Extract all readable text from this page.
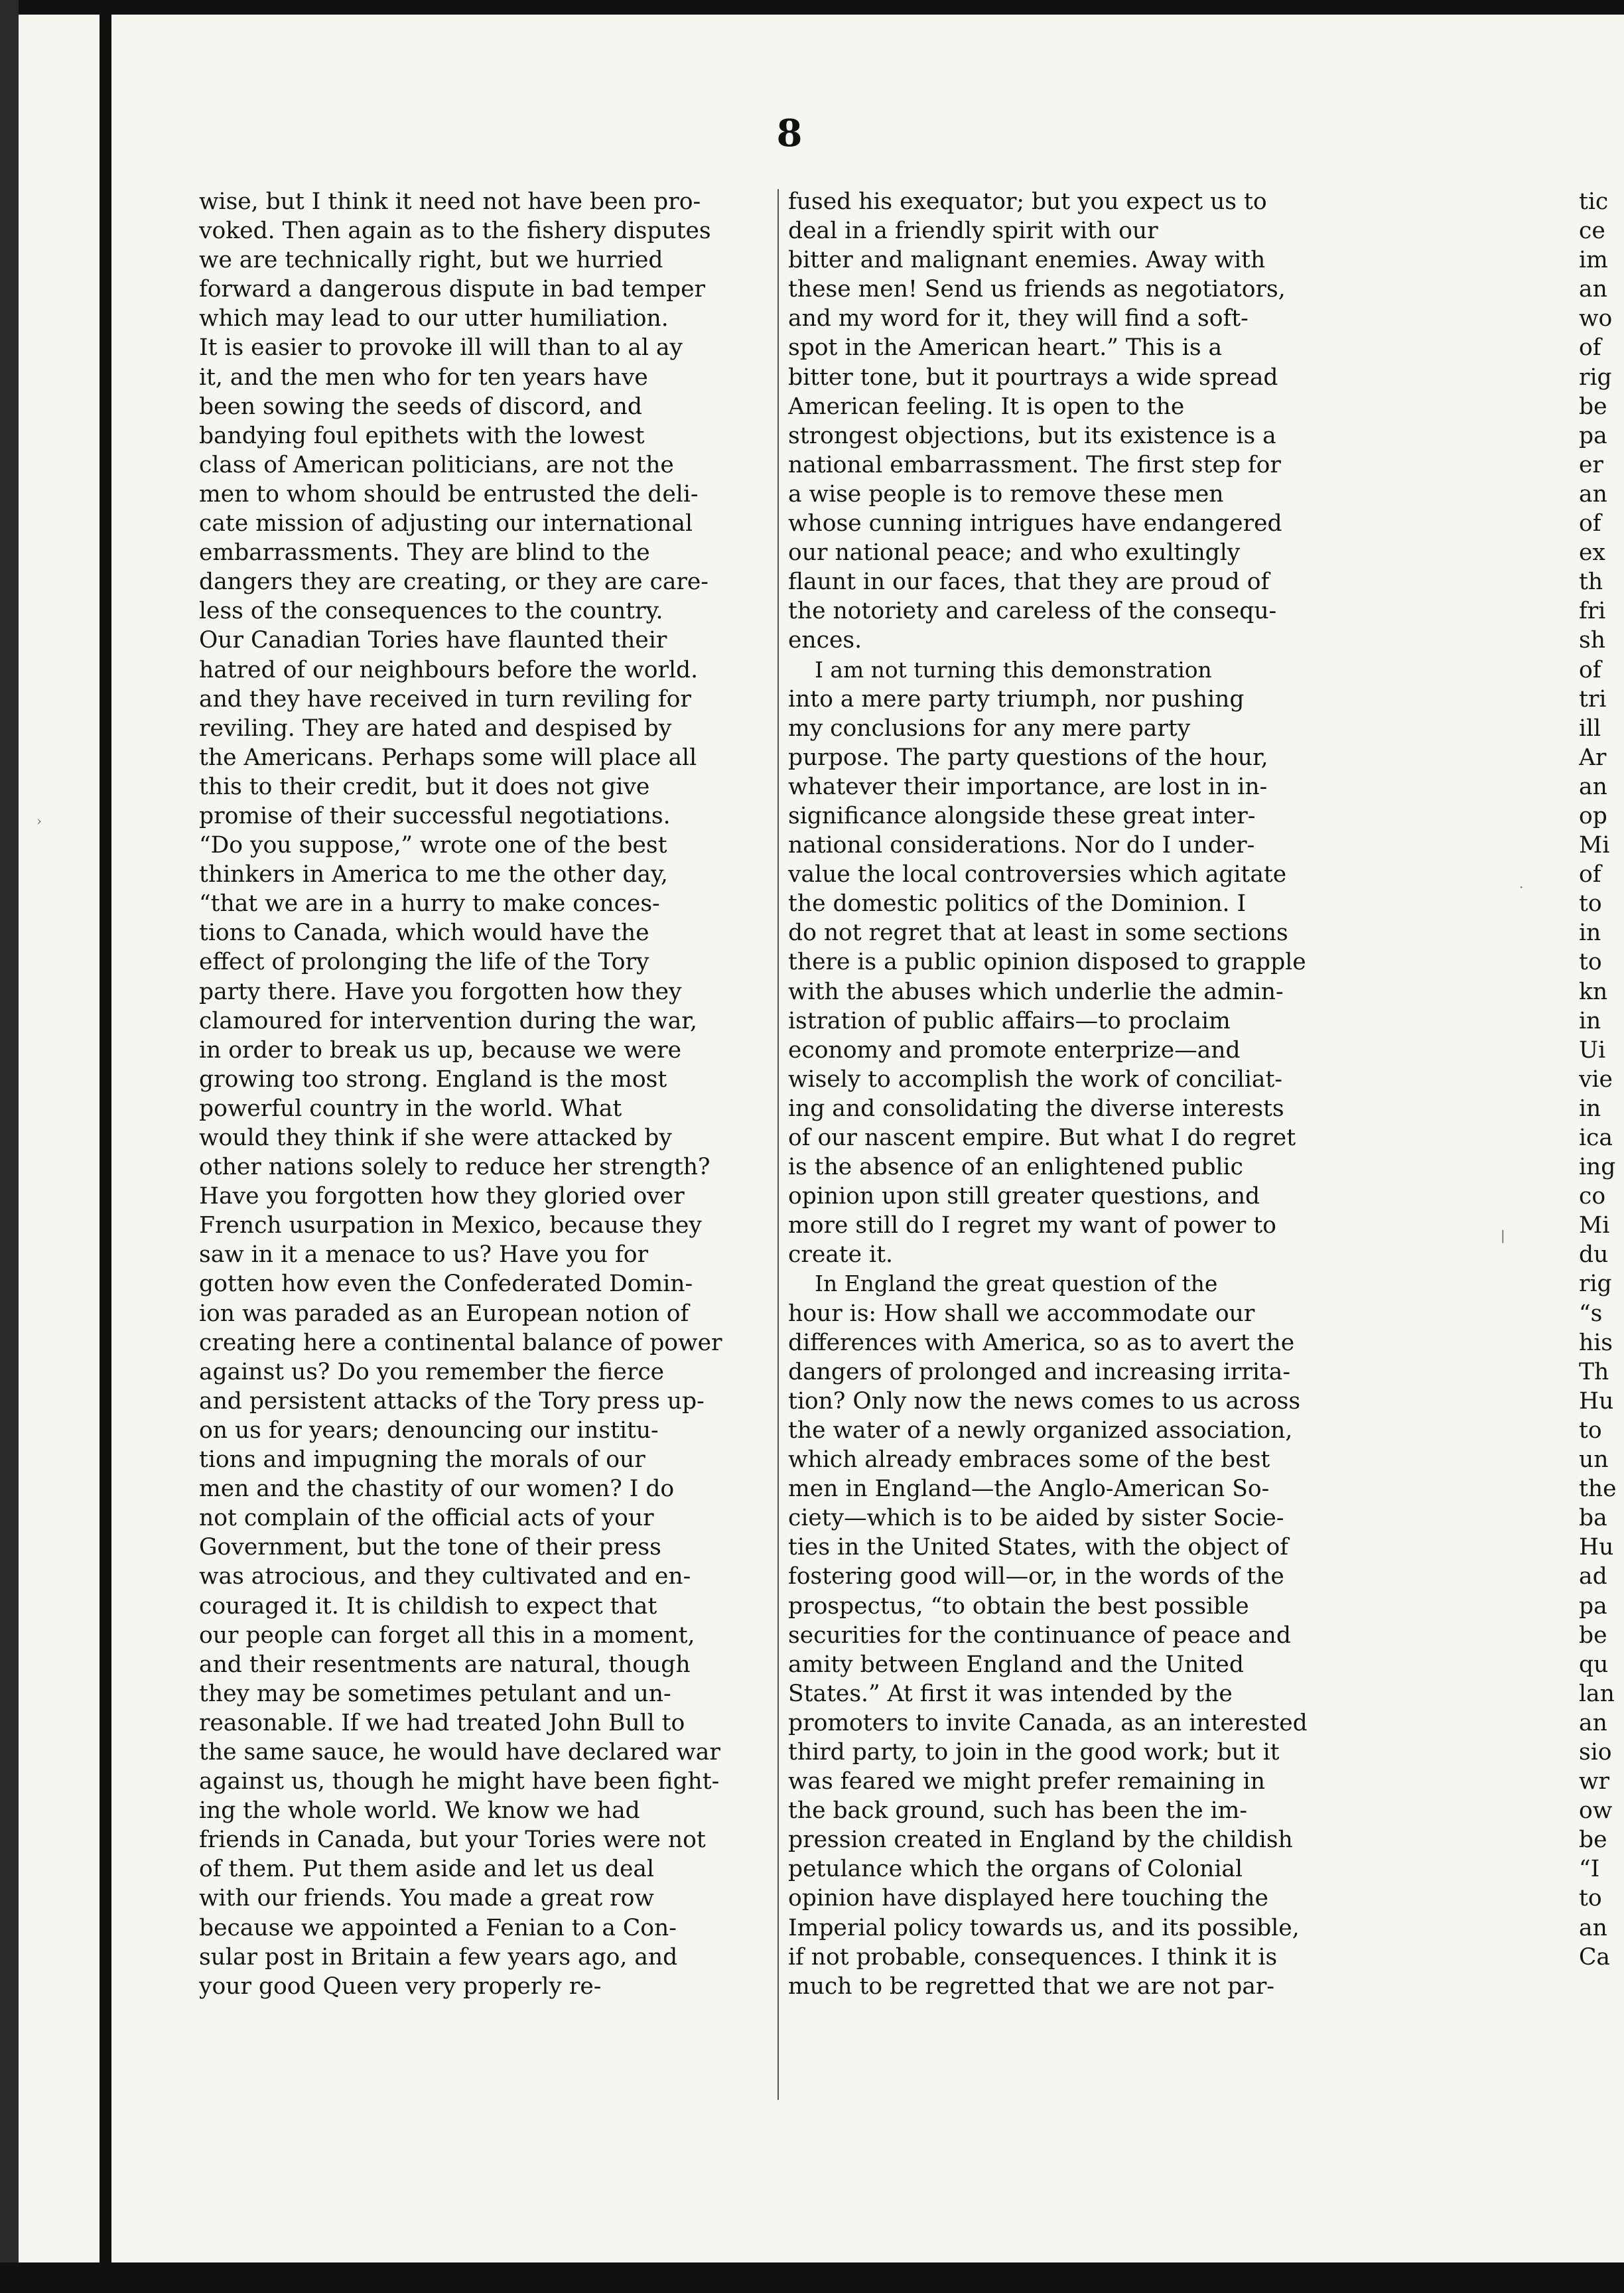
8

wise, but I think it need not have been pro-
voked. Then again as to the fishery disputes
we are technically right, but we hurried
forward a dangerous dispute in bad temper
which may lead to our utter humiliation.
It is easier to provoke ill will than to al ay
it, and the men who for ten years have
been sowing the seeds of discord, and
bandying foul epithets with the lowest
class of American politicians, are not the
men to whom should be entrusted the deli-
cate mission of adjusting our international
embarrassments. They are blind to the
dangers they are creating, or they are care-
less of the consequences to the country.
Our Canadian Tories have flaunted their
hatred of our neighbours before the world.
and they have received in turn reviling for
reviling. They are hated and despised by
the Americans. Perhaps some will place all
this to their credit, but it does not give
promise of their successful negotiations.
“Do you suppose,” wrote one of the best
thinkers in America to me the other day,
“that we are in a hurry to make conces-
tions to Canada, which would have the
effect of prolonging the life of the Tory
party there. Have you forgotten how they
clamoured for intervention during the war,
in order to break us up, because we were
growing too strong. England is the most
powerful country in the world. What
would they think if she were attacked by
other nations solely to reduce her strength?
Have you forgotten how they gloried over
French usurpation in Mexico, because they
saw in it a menace to us? Have you for
gotten how even the Confederated Domin-
ion was paraded as an European notion of
creating here a continental balance of power
against us? Do you remember the fierce
and persistent attacks of the Tory press up-
on us for years; denouncing our institu-
tions and impugning the morals of our
men and the chastity of our women? I do
not complain of the official acts of your
Government, but the tone of their press
was atrocious, and they cultivated and en-
couraged it. It is childish to expect that
our people can forget all this in a moment,
and their resentments are natural, though
they may be sometimes petulant and un-
reasonable. If we had treated John Bull to
the same sauce, he would have declared war
against us, though he might have been fight-
ing the whole world. We know we had
friends in Canada, but your Tories were not
of them. Put them aside and let us deal
with our friends. You made a great row
because we appointed a Fenian to a Con-
sular post in Britain a few years ago, and
your good Queen very properly re-

fused his exequator; but you expect us to
deal in a friendly spirit with our
bitter and malignant enemies. Away with
these men! Send us friends as negotiators,
and my word for it, they will find a soft-
spot in the American heart.” This is a
bitter tone, but it pourtrays a wide spread
American feeling. It is open to the
strongest objections, but its existence is a
national embarrassment. The first step for
a wise people is to remove these men
whose cunning intrigues have endangered
our national peace; and who exultingly
flaunt in our faces, that they are proud of
the notoriety and careless of the consequ-
ences.

I am not turning this demonstration
into a mere party triumph, nor pushing
my conclusions for any mere party
purpose. The party questions of the hour,
whatever their importance, are lost in in-
significance alongside these great inter-
national considerations. Nor do I under-
value the local controversies which agitate
the domestic politics of the Dominion. I
do not regret that at least in some sections
there is a public opinion disposed to grapple
with the abuses which underlie the admin-
istration of public affairs—to proclaim
economy and promote enterprize—and
wisely to accomplish the work of conciliat-
ing and consolidating the diverse interests
of our nascent empire. But what I do regret
is the absence of an enlightened public
opinion upon still greater questions, and
more still do I regret my want of power to
create it.

In England the great question of the
hour is: How shall we accommodate our
differences with America, so as to avert the
dangers of prolonged and increasing irrita-
tion? Only now the news comes to us across
the water of a newly organized association,
which already embraces some of the best
men in England—the Anglo-American So-
ciety—which is to be aided by sister Socie-
ties in the United States, with the object of
fostering good will—or, in the words of the
prospectus, “to obtain the best possible
securities for the continuance of peace and
amity between England and the United
States.” At first it was intended by the
promoters to invite Canada, as an interested
third party, to join in the good work; but it
was feared we might prefer remaining in
the back ground, such has been the im-
pression created in England by the childish
petulance which the organs of Colonial
opinion have displayed here touching the
Imperial policy towards us, and its possible,
if not probable, consequences. I think it is
much to be regretted that we are not par-

tic
ce
im
an
wo
of
rig
be
pa
er
an
of
ex
th
fri
sh
of
tri
ill
Ar
an
op
Mi
of
to
in
to
kn
in
Ui
vie
in
ica
ing
co
Mi
du
rig
“s
his
Th
Hu
to
un
the
ba
Hu
ad
pa
be
qu
lan
an
sio
wr
ow
be
“I
to
an
Ca

›
·
|
